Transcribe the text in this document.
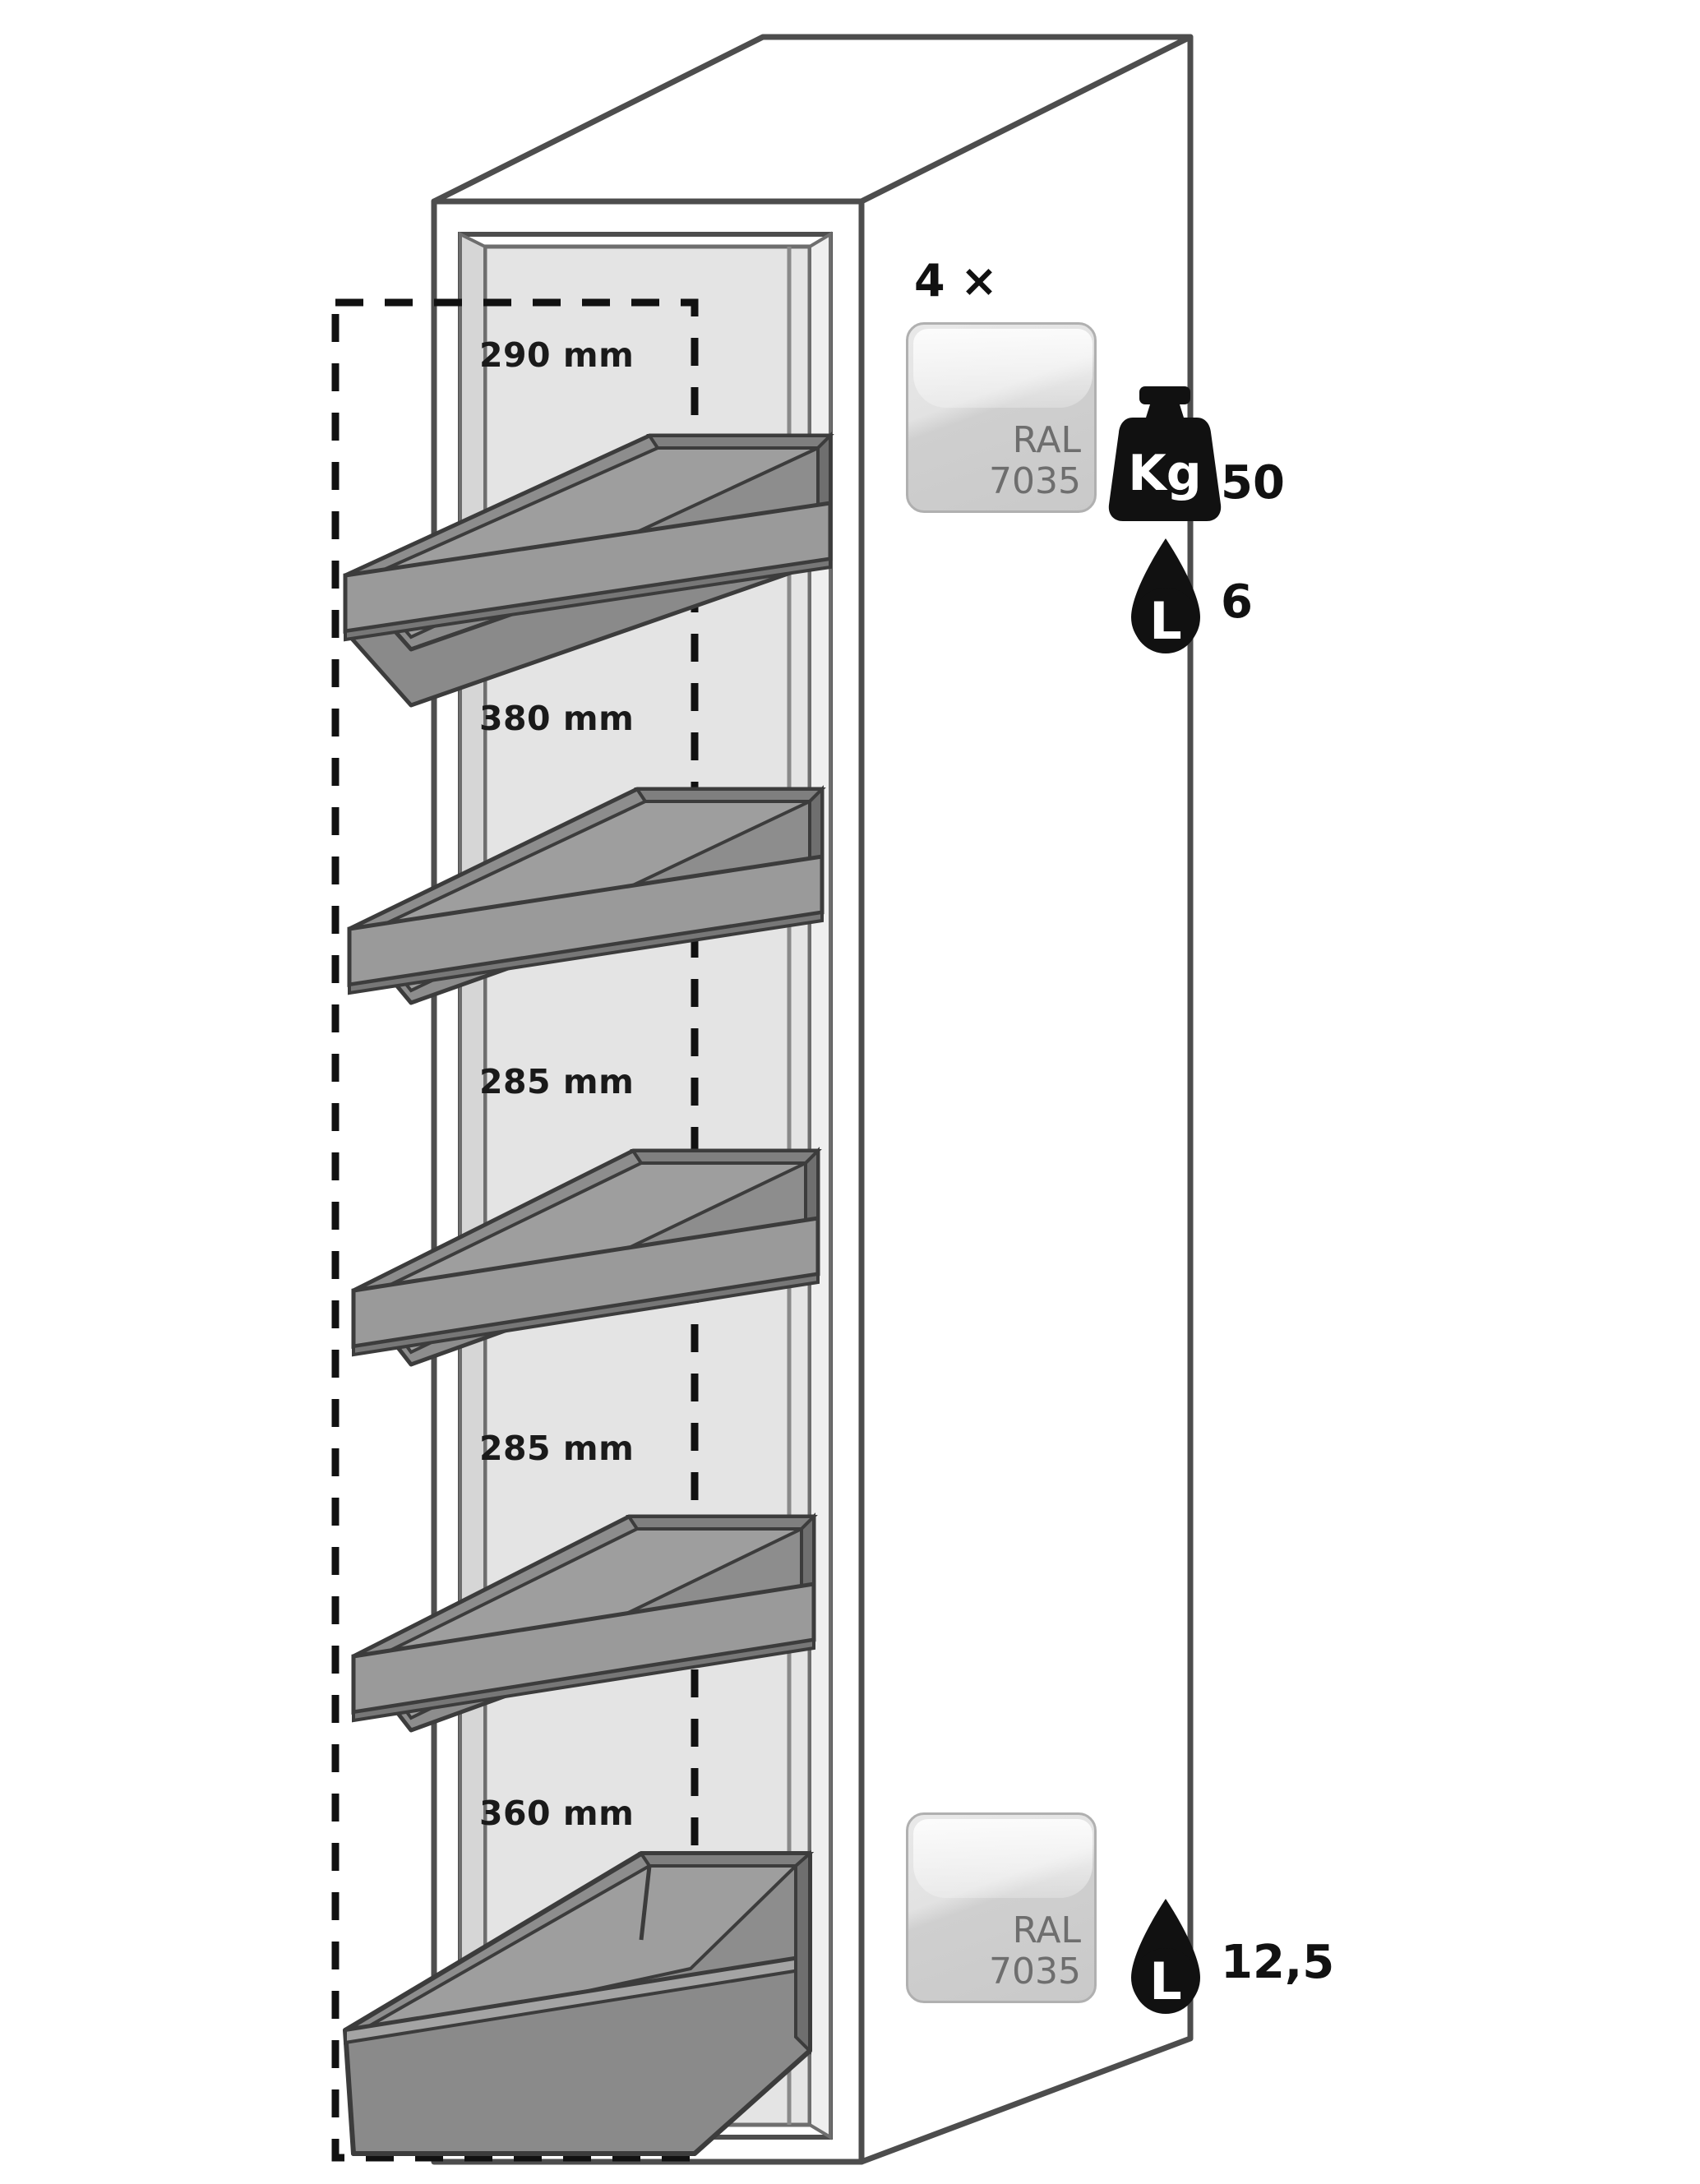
Kg
L
L
290 mm
380 mm
285 mm
285 mm
360 mm
4 ×
RAL
7035	50
6
RAL
7035	12,5
